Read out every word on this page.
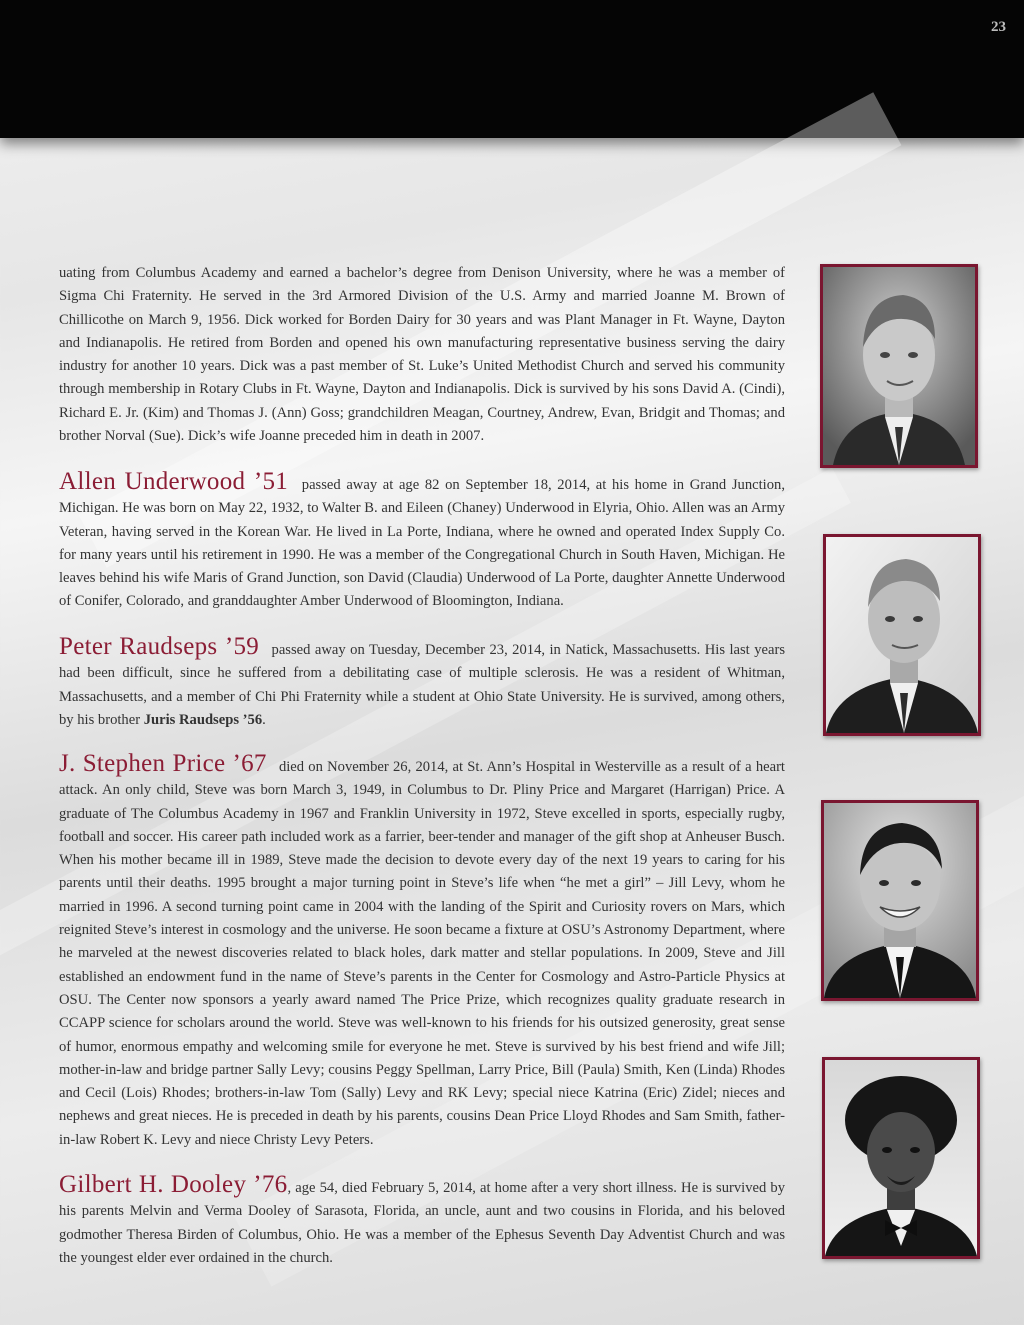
23
uating from Columbus Academy and earned a bachelor’s degree from Denison University, where he was a member of Sigma Chi Fraternity. He served in the 3rd Armored Division of the U.S. Army and married Joanne M. Brown of Chillicothe on March 9, 1956. Dick worked for Borden Dairy for 30 years and was Plant Manager in Ft. Wayne, Dayton and Indianapolis. He retired from Borden and opened his own manufacturing representative business serving the dairy industry for another 10 years. Dick was a past member of St. Luke’s United Methodist Church and served his community through membership in Rotary Clubs in Ft. Wayne, Dayton and Indianapolis. Dick is survived by his sons David A. (Cindi), Richard E. Jr. (Kim) and Thomas J. (Ann) Goss; grandchildren Meagan, Courtney, Andrew, Evan, Bridgit and Thomas; and brother Norval (Sue). Dick’s wife Joanne preceded him in death in 2007.
Allen Underwood ’51 passed away at age 82 on September 18, 2014, at his home in Grand Junction, Michigan. He was born on May 22, 1932, to Walter B. and Eileen (Chaney) Underwood in Elyria, Ohio. Allen was an Army Veteran, having served in the Korean War. He lived in La Porte, Indiana, where he owned and operated Index Supply Co. for many years until his retirement in 1990. He was a member of the Congregational Church in South Haven, Michigan. He leaves behind his wife Maris of Grand Junction, son David (Claudia) Underwood of La Porte, daughter Annette Underwood of Conifer, Colorado, and granddaughter Amber Underwood of Bloomington, Indiana.
Peter Raudseps ’59 passed away on Tuesday, December 23, 2014, in Natick, Massachusetts. His last years had been difficult, since he suffered from a debilitating case of multiple sclerosis. He was a resident of Whitman, Massachusetts, and a member of Chi Phi Fraternity while a student at Ohio State University. He is survived, among others, by his brother Juris Raudseps ’56.
J. Stephen Price ’67 died on November 26, 2014, at St. Ann’s Hospital in Westerville as a result of a heart attack. An only child, Steve was born March 3, 1949, in Columbus to Dr. Pliny Price and Margaret (Harrigan) Price. A graduate of The Columbus Academy in 1967 and Franklin University in 1972, Steve excelled in sports, especially rugby, football and soccer. His career path included work as a farrier, beer-tender and manager of the gift shop at Anheuser Busch. When his mother became ill in 1989, Steve made the decision to devote every day of the next 19 years to caring for his parents until their deaths. 1995 brought a major turning point in Steve’s life when “he met a girl” – Jill Levy, whom he married in 1996. A second turning point came in 2004 with the landing of the Spirit and Curiosity rovers on Mars, which reignited Steve’s interest in cosmology and the universe. He soon became a fixture at OSU’s Astronomy Department, where he marveled at the newest discoveries related to black holes, dark matter and stellar populations. In 2009, Steve and Jill established an endowment fund in the name of Steve’s parents in the Center for Cosmology and Astro-Particle Physics at OSU. The Center now sponsors a yearly award named The Price Prize, which recognizes quality graduate research in CCAPP science for scholars around the world. Steve was well-known to his friends for his outsized generosity, great sense of humor, enormous empathy and welcoming smile for everyone he met. Steve is survived by his best friend and wife Jill; mother-in-law and bridge partner Sally Levy; cousins Peggy Spellman, Larry Price, Bill (Paula) Smith, Ken (Linda) Rhodes and Cecil (Lois) Rhodes; brothers-in-law Tom (Sally) Levy and RK Levy; special niece Katrina (Eric) Zidel; nieces and nephews and great nieces. He is preceded in death by his parents, cousins Dean Price Lloyd Rhodes and Sam Smith, father-in-law Robert K. Levy and niece Christy Levy Peters.
Gilbert H. Dooley ’76, age 54, died February 5, 2014, at home after a very short illness. He is survived by his parents Melvin and Verma Dooley of Sarasota, Florida, an uncle, aunt and two cousins in Florida, and his beloved godmother Theresa Birden of Columbus, Ohio. He was a member of the Ephesus Seventh Day Adventist Church and was the youngest elder ever ordained in the church.
